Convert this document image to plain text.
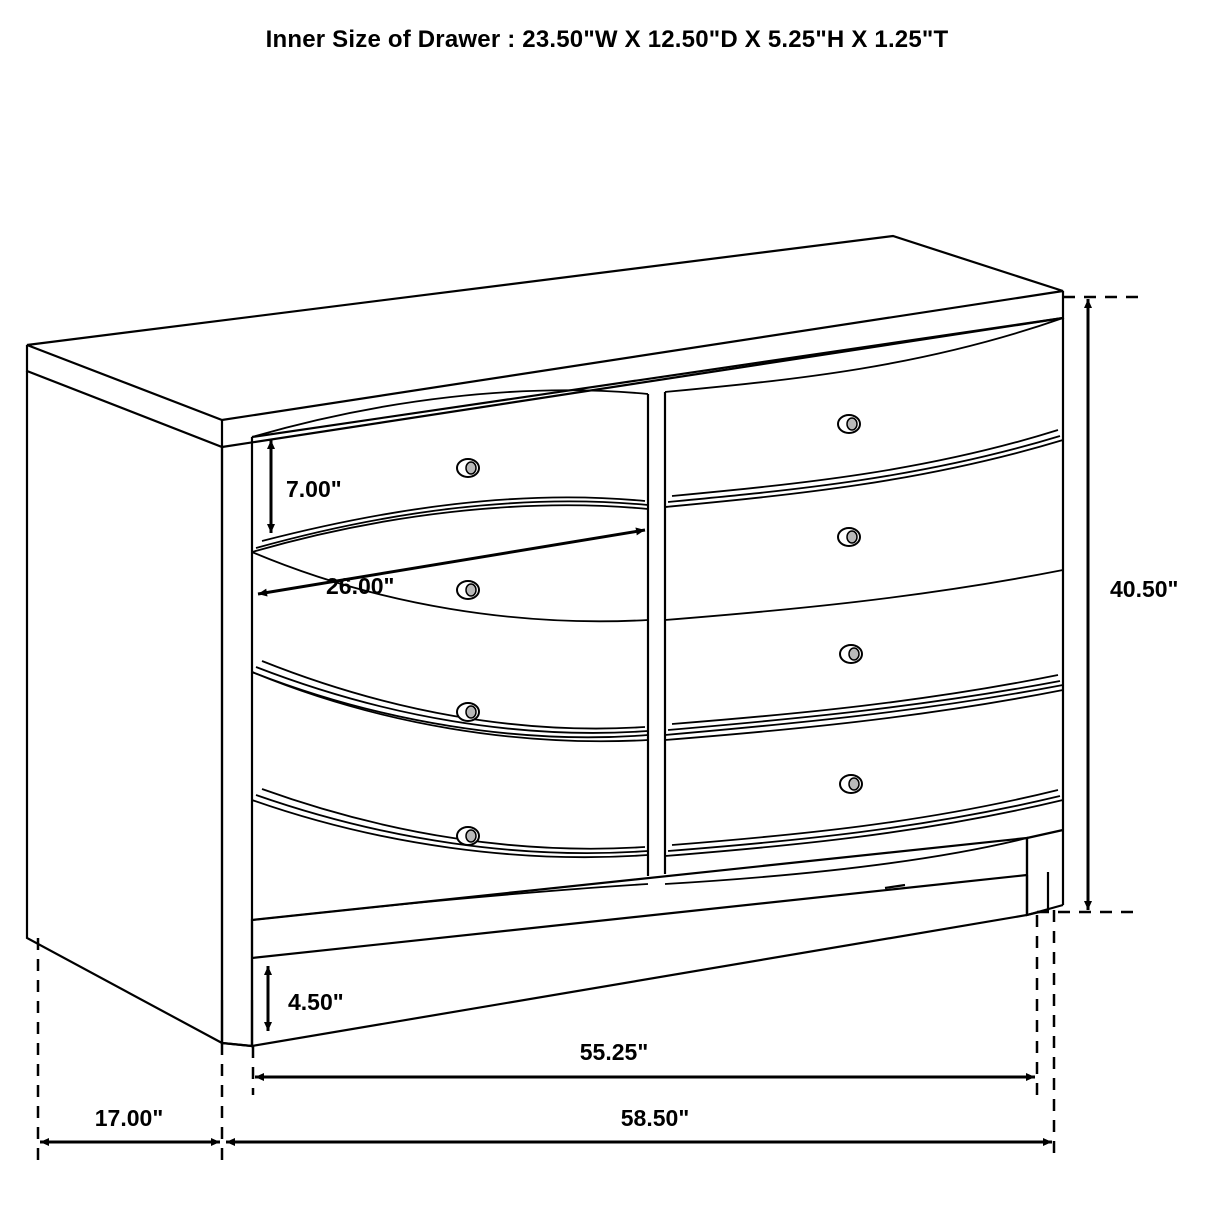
Inner Size of Drawer : 23.50"W X 12.50"D X 5.25"H X 1.25"T
7.00"
26.00"	40.50"
4.50"
55.25"
58.50"
17.00"
